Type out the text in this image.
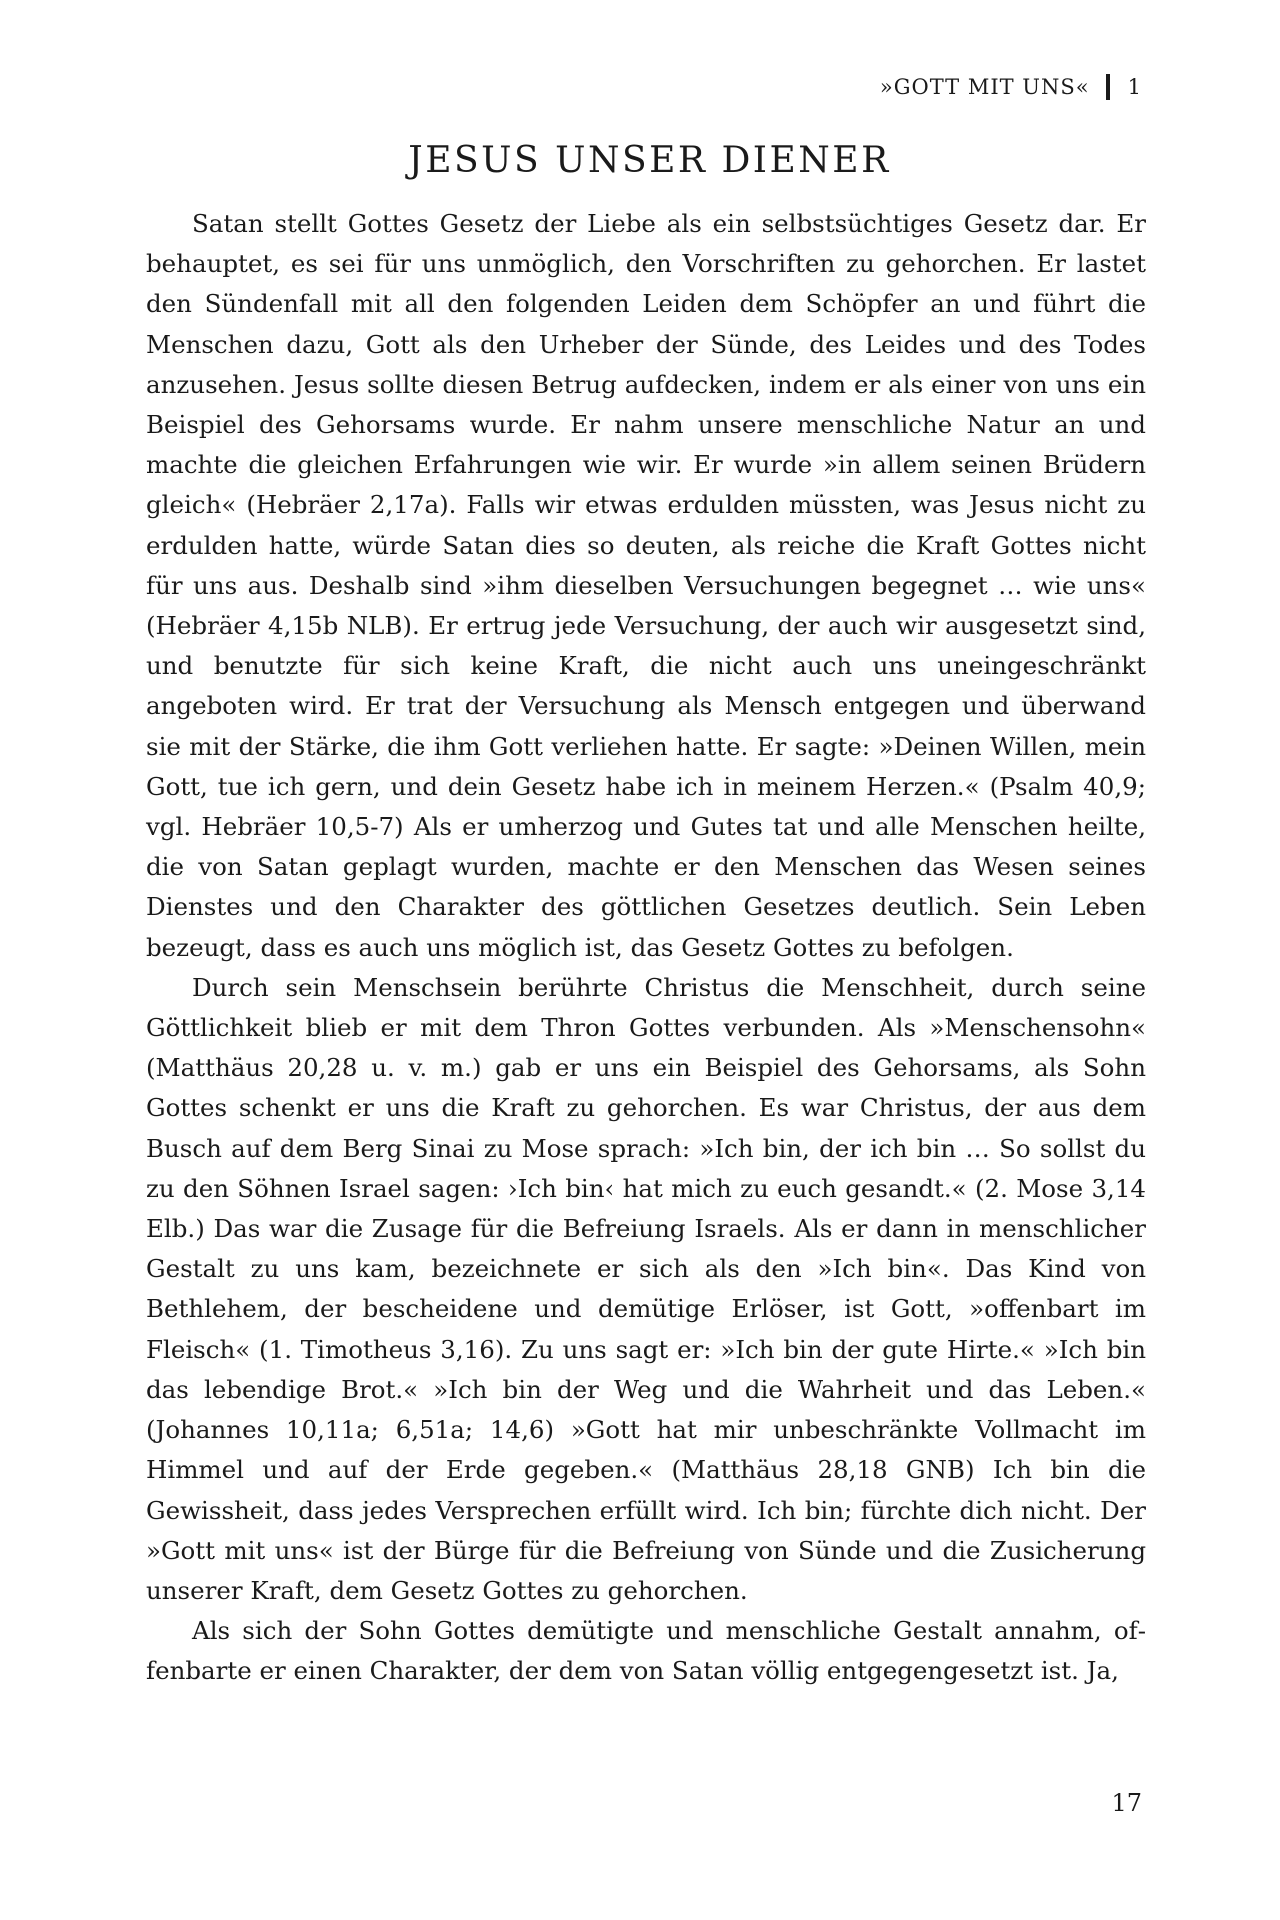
»GOTT MIT UNS« 1
JESUS UNSER DIENER

Satan stellt Gottes Gesetz der Liebe als ein selbstsüchtiges Gesetz dar. Er behauptet, es sei für uns unmöglich, den Vorschriften zu gehorchen. Er lastet den Sündenfall mit all den folgenden Leiden dem Schöpfer an und führt die Menschen dazu, Gott als den Urheber der Sünde, des Leides und des Todes anzusehen. Jesus sollte diesen Betrug aufdecken, indem er als einer von uns ein Beispiel des Gehorsams wurde. Er nahm unsere menschliche Natur an und machte die gleichen Erfahrungen wie wir. Er wurde »in allem seinen Brüdern gleich« (Hebräer 2,17a). Falls wir etwas erdulden müssten, was Jesus nicht zu erdulden hatte, würde Satan dies so deuten, als reiche die Kraft Gottes nicht für uns aus. Deshalb sind »ihm dieselben Versuchungen begegnet … wie uns« (Hebräer 4,15b NLB). Er ertrug jede Versuchung, der auch wir ausgesetzt sind, und benutzte für sich keine Kraft, die nicht auch uns uneingeschränkt angeboten wird. Er trat der Versuchung als Mensch entgegen und überwand sie mit der Stärke, die ihm Gott verliehen hatte. Er sagte: »Deinen Willen, mein Gott, tue ich gern, und dein Gesetz habe ich in meinem Herzen.« (Psalm 40,9; vgl. Hebräer 10,5-7) Als er umherzog und Gutes tat und alle Menschen heilte, die von Satan geplagt wurden, machte er den Menschen das Wesen seines Dienstes und den Charakter des göttlichen Gesetzes deutlich. Sein Leben bezeugt, dass es auch uns möglich ist, das Gesetz Gottes zu befolgen.

Durch sein Menschsein berührte Christus die Menschheit, durch seine Göttlichkeit blieb er mit dem Thron Gottes verbunden. Als »Menschensohn« (Matthäus 20,28 u. v. m.) gab er uns ein Beispiel des Gehorsams, als Sohn Gottes schenkt er uns die Kraft zu gehorchen. Es war Christus, der aus dem Busch auf dem Berg Sinai zu Mose sprach: »Ich bin, der ich bin … So sollst du zu den Söhnen Israel sagen: ›Ich bin‹ hat mich zu euch gesandt.« (2. Mose 3,14 Elb.) Das war die Zusage für die Befreiung Israels. Als er dann in menschlicher Gestalt zu uns kam, bezeichnete er sich als den »Ich bin«. Das Kind von Bethlehem, der bescheidene und demütige Erlöser, ist Gott, »offenbart im Fleisch« (1. Timotheus 3,16). Zu uns sagt er: »Ich bin der gute Hirte.« »Ich bin das lebendige Brot.« »Ich bin der Weg und die Wahrheit und das Leben.« (Johannes 10,11a; 6,51a; 14,6) »Gott hat mir unbeschränkte Vollmacht im Himmel und auf der Erde gegeben.« (Matthäus 28,18 GNB) Ich bin die Gewissheit, dass jedes Versprechen erfüllt wird. Ich bin; fürchte dich nicht. Der »Gott mit uns« ist der Bürge für die Befreiung von Sünde und die Zusicherung unserer Kraft, dem Gesetz Gottes zu gehorchen.

Als sich der Sohn Gottes demütigte und menschliche Gestalt annahm, offenbarte er einen Charakter, der dem von Satan völlig entgegengesetzt ist. Ja,

17
